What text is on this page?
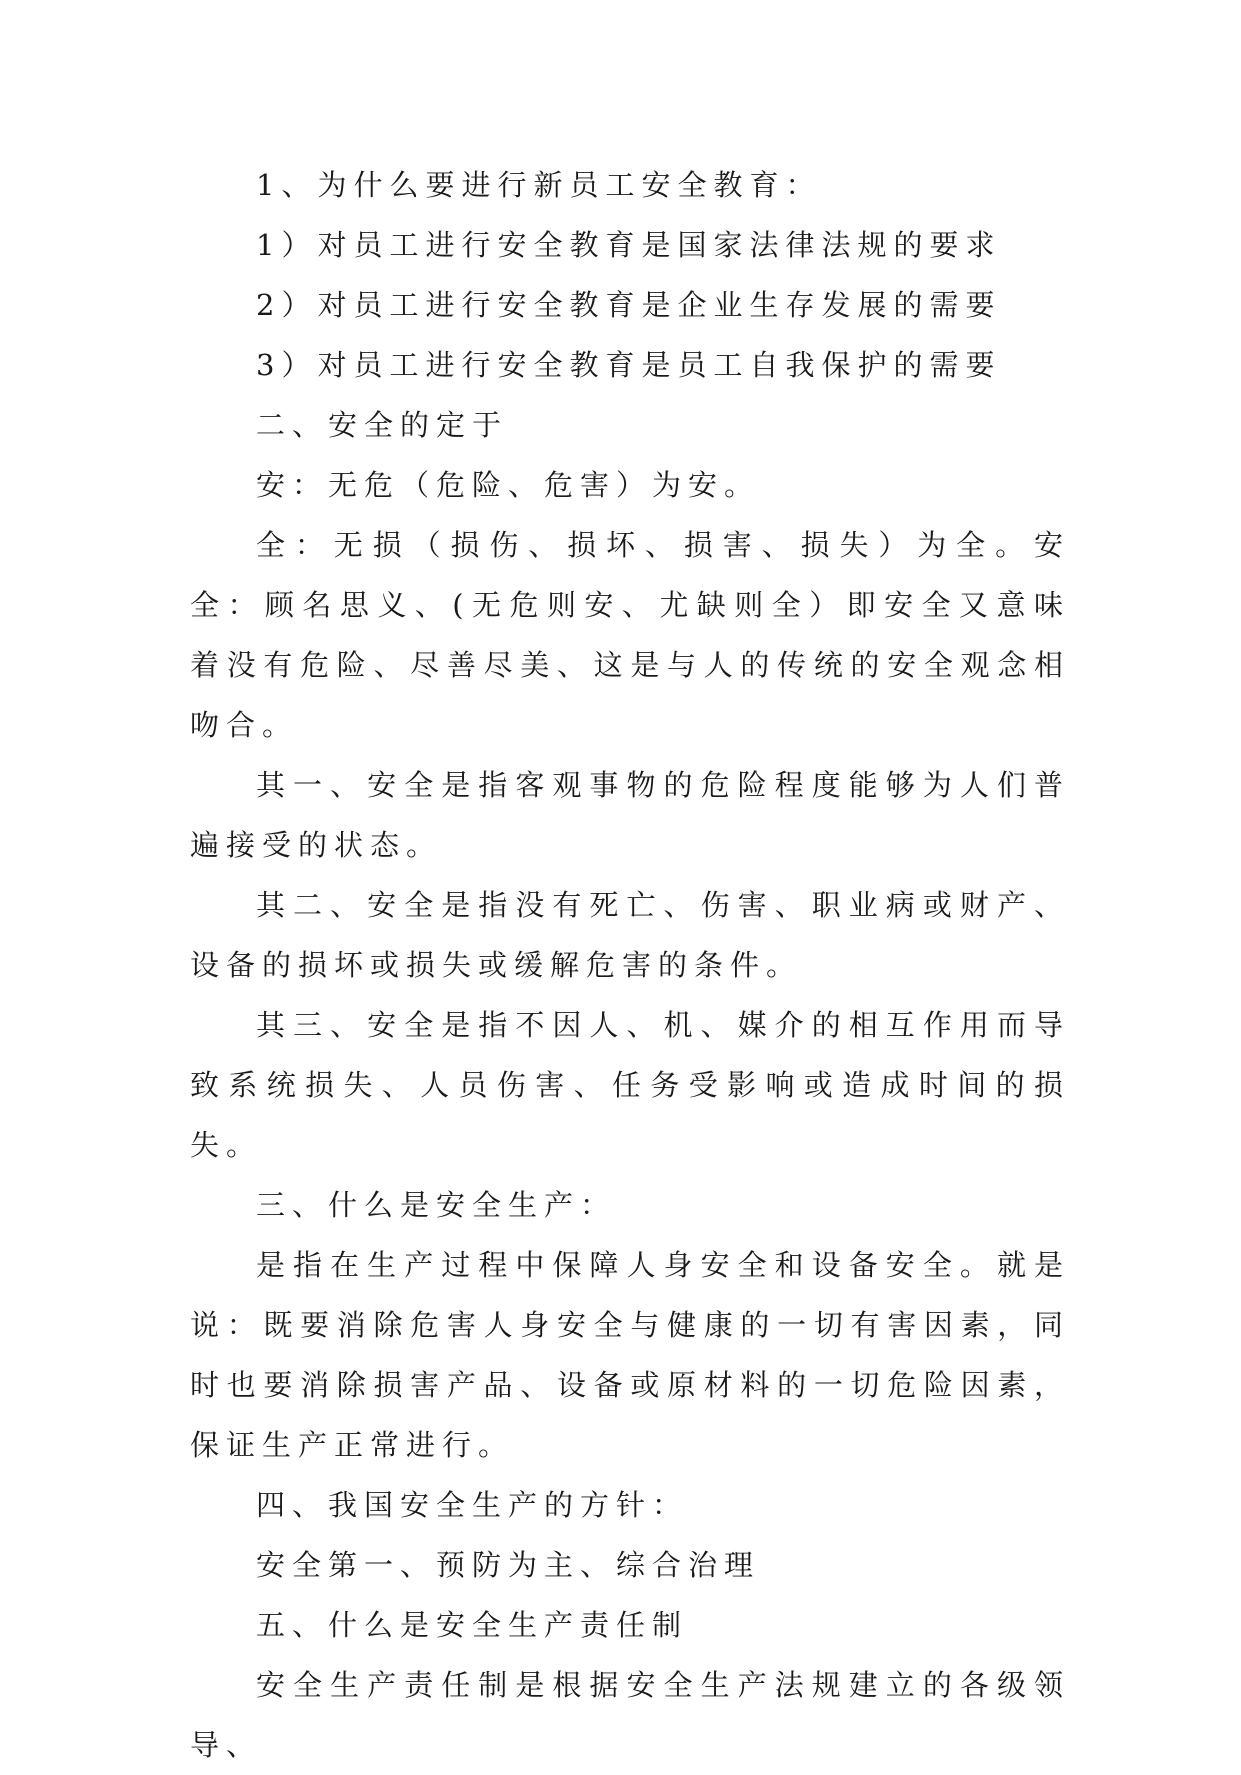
1、为什么要进行新员工安全教育：

1）对员工进行安全教育是国家法律法规的要求

2）对员工进行安全教育是企业生存发展的需要

3）对员工进行安全教育是员工自我保护的需要

二、安全的定于

安：无危（危险、危害）为安。

全：无损（损伤、损坏、损害、损失）为全。安全：顾名思义、(无危则安、尤缺则全）即安全又意味着没有危险、尽善尽美、这是与人的传统的安全观念相吻合。

其一、安全是指客观事物的危险程度能够为人们普遍接受的状态。

其二、安全是指没有死亡、伤害、职业病或财产、设备的损坏或损失或缓解危害的条件。

其三、安全是指不因人、机、媒介的相互作用而导致系统损失、人员伤害、任务受影响或造成时间的损失。

三、什么是安全生产：

是指在生产过程中保障人身安全和设备安全。就是说：既要消除危害人身安全与健康的一切有害因素，同时也要消除损害产品、设备或原材料的一切危险因素，保证生产正常进行。

四、我国安全生产的方针：

安全第一、预防为主、综合治理

五、什么是安全生产责任制

安全生产责任制是根据安全生产法规建立的各级领导、
